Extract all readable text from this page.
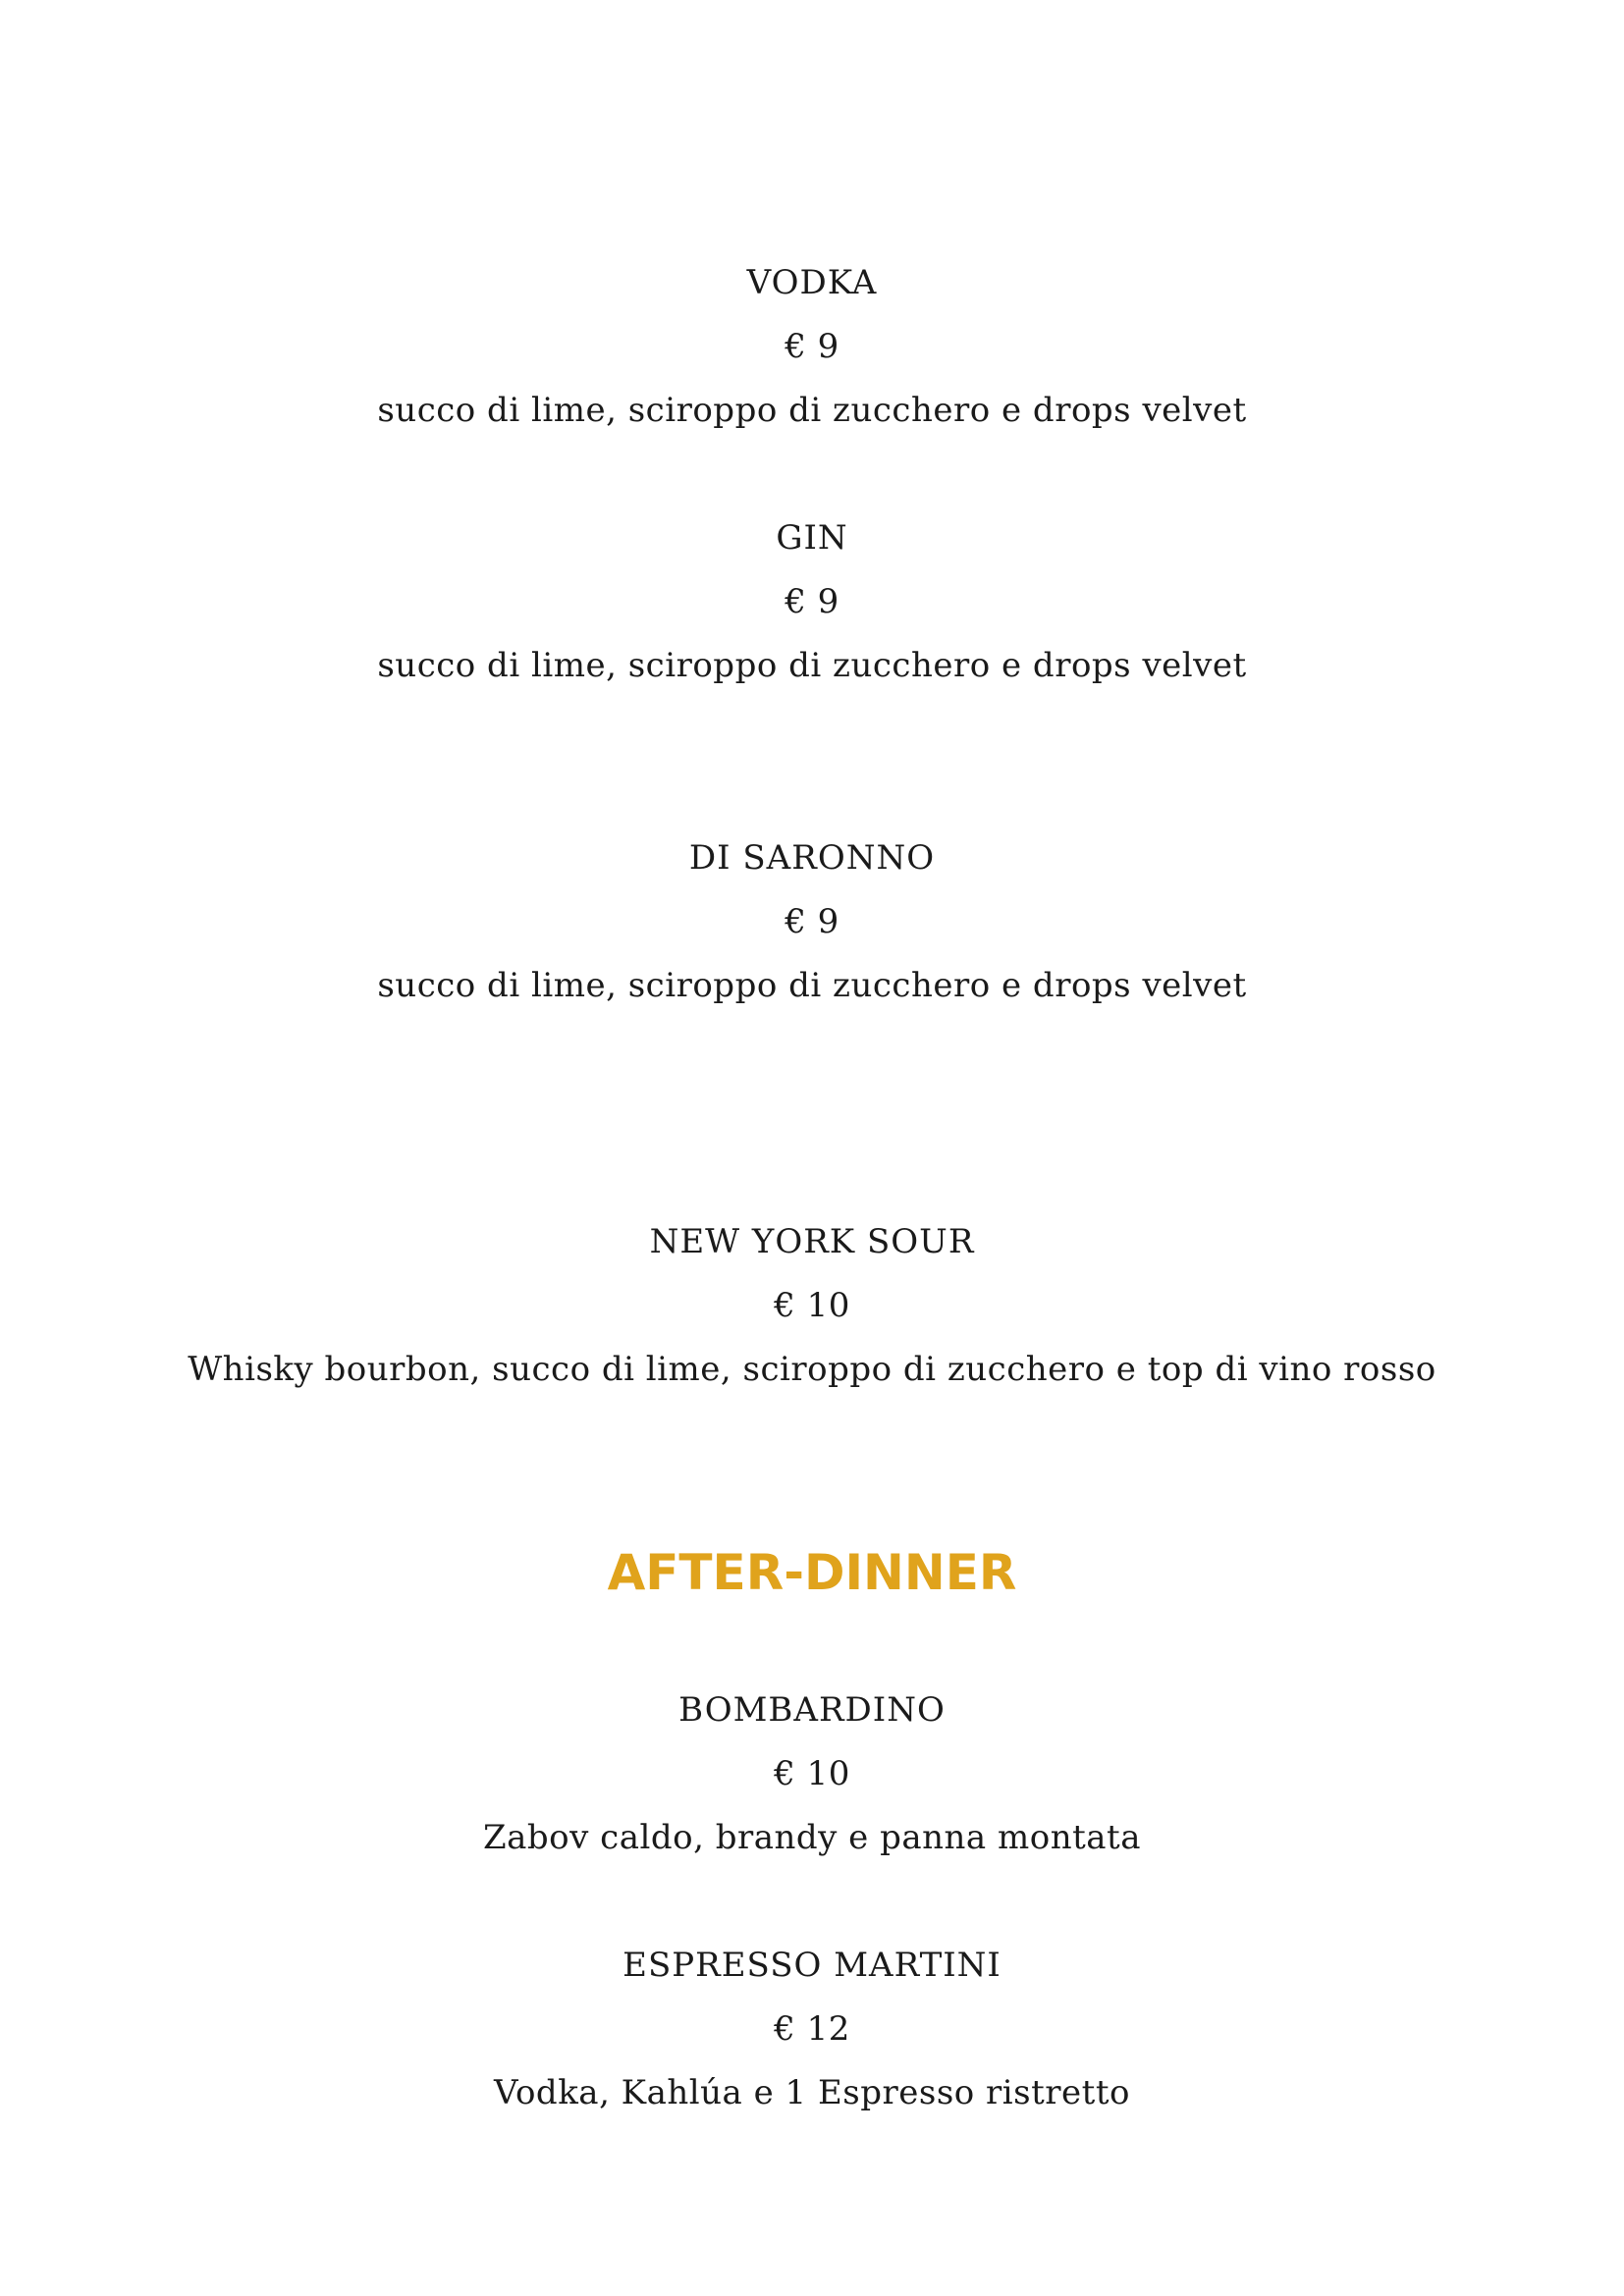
VODKA
€ 9
succo di lime, sciroppo di zucchero e drops velvet
GIN
€ 9
succo di lime, sciroppo di zucchero e drops velvet
DI SARONNO
€ 9
succo di lime, sciroppo di zucchero e drops velvet
NEW YORK SOUR
€ 10
Whisky bourbon, succo di lime, sciroppo di zucchero e top di vino rosso
AFTER-DINNER
BOMBARDINO
€ 10
Zabov caldo, brandy e panna montata
ESPRESSO MARTINI
€ 12
Vodka, Kahlúa e 1 Espresso ristretto
